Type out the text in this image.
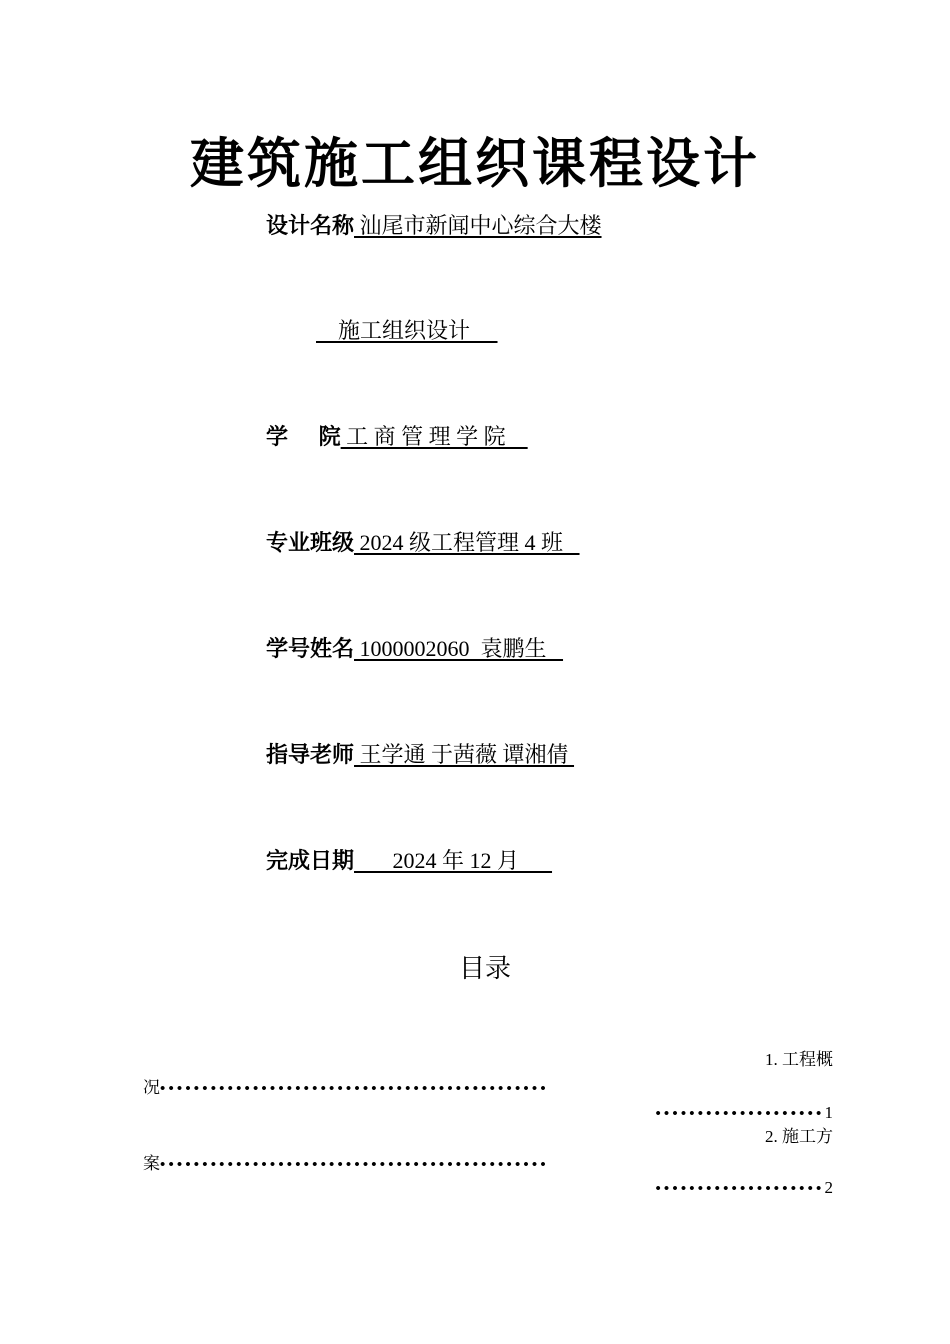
建筑施工组织课程设计
设计名称 汕尾市新闻中心综合大楼
施工组织设计
学    院 工 商 管 理 学 院
专业班级 2024 级工程管理 4 班
学号姓名 1000002060  袁鹏生
指导老师 王学通 于茜薇 谭湘倩
完成日期       2024 年 12 月
目录
1. 工程概
况••••••••••••••••••••••••••••••••••••••••••••••
••••••••••••••••••••1
2. 施工方
案••••••••••••••••••••••••••••••••••••••••••••••
••••••••••••••••••••2
